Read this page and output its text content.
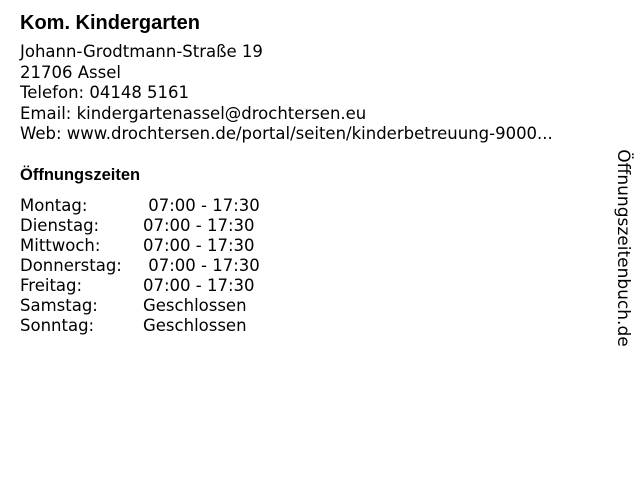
Kom. Kindergarten
Johann-Grodtmann-Straße 19
21706 Assel
Telefon: 04148 5161
Email: kindergartenassel@drochtersen.eu
Web: www.drochtersen.de/portal/seiten/kinderbetreuung-9000...
Öffnungszeiten
Montag:	07:00 - 17:30
Dienstag:	07:00 - 17:30
Mittwoch:	07:00 - 17:30
Donnerstag:	07:00 - 17:30
Freitag:	07:00 - 17:30
Samstag:	Geschlossen
Sonntag:	Geschlossen	Öffnungszeitenbuch.de
